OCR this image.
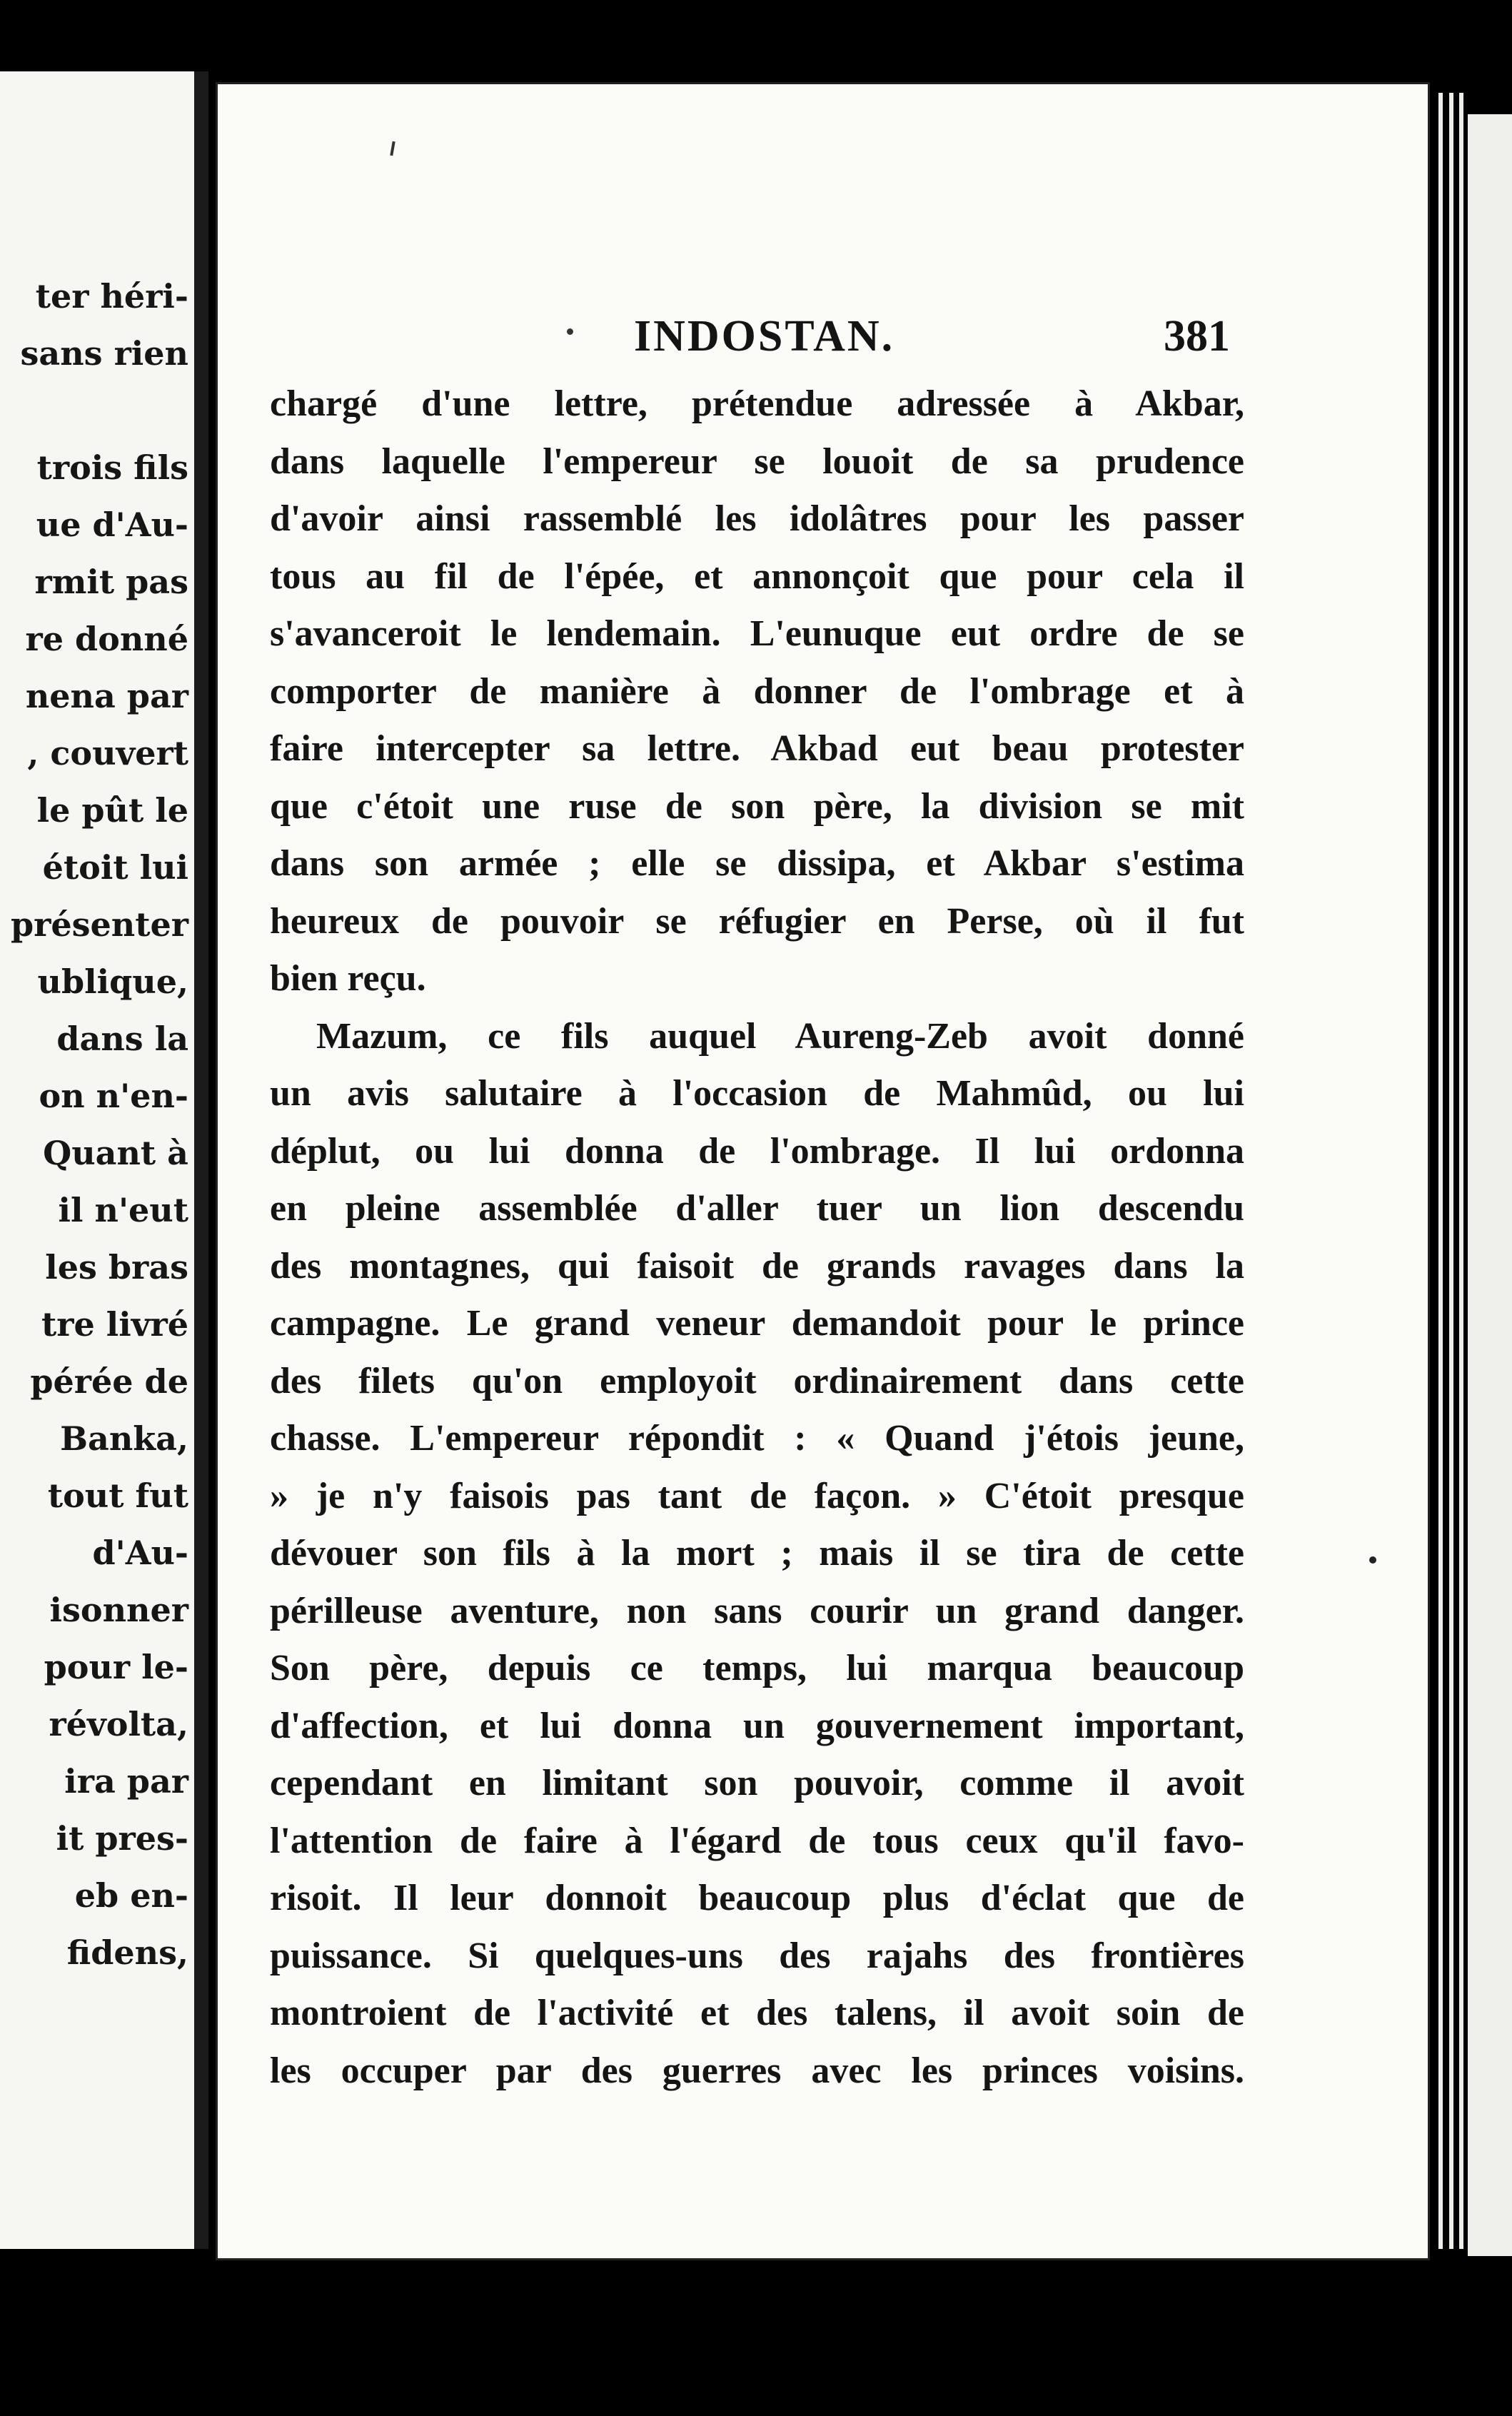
ter héri-

sans rien

trois fils

ue d'Au-

rmit pas

re donné

nena par

, couvert

le pût le

étoit lui

présenter

ublique,

dans la

on n'en-

Quant à

il n'eut

les bras

tre livré

pérée de

Banka,

tout fut

d'Au-

isonner

pour le-

révolta,

ira par

it pres-

eb en-

fidens,

INDOSTAN.	381

chargé d'une lettre, prétendue adressée à Akbar,
dans laquelle l'empereur se louoit de sa prudence
d'avoir ainsi rassemblé les idolâtres pour les passer
tous au fil de l'épée, et annonçoit que pour cela il
s'avanceroit le lendemain. L'eunuque eut ordre de se
comporter de manière à donner de l'ombrage et à
faire intercepter sa lettre. Akbad eut beau protester
que c'étoit une ruse de son père, la division se mit
dans son armée ; elle se dissipa, et Akbar s'estima
heureux de pouvoir se réfugier en Perse, où il fut
bien reçu.
Mazum, ce fils auquel Aureng-Zeb avoit donné
un avis salutaire à l'occasion de Mahmûd, ou lui
déplut, ou lui donna de l'ombrage. Il lui ordonna
en pleine assemblée d'aller tuer un lion descendu
des montagnes, qui faisoit de grands ravages dans la
campagne. Le grand veneur demandoit pour le prince
des filets qu'on employoit ordinairement dans cette
chasse. L'empereur répondit : « Quand j'étois jeune,
» je n'y faisois pas tant de façon. » C'étoit presque
dévouer son fils à la mort ; mais il se tira de cette
périlleuse aventure, non sans courir un grand danger.
Son père, depuis ce temps, lui marqua beaucoup
d'affection, et lui donna un gouvernement important,
cependant en limitant son pouvoir, comme il avoit
l'attention de faire à l'égard de tous ceux qu'il favo-
risoit. Il leur donnoit beaucoup plus d'éclat que de
puissance. Si quelques-uns des rajahs des frontières
montroient de l'activité et des talens, il avoit soin de
les occuper par des guerres avec les princes voisins.
